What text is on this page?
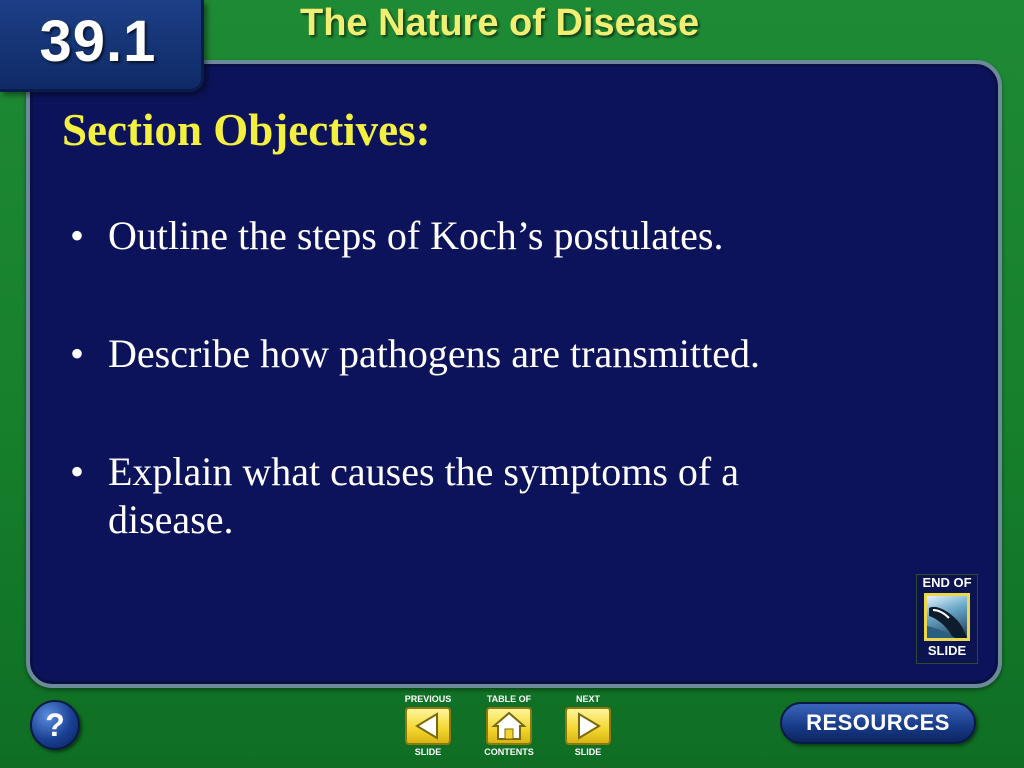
39.1	The Nature of Disease
Section Objectives:
• Outline the steps of Koch’s postulates.
• Describe how pathogens are transmitted.
• Explain what causes the symptoms of a disease.
END OF
SLIDE
?
PREVIOUS
SLIDE
TABLE OF
CONTENTS
NEXT
SLIDE
RESOURCES
